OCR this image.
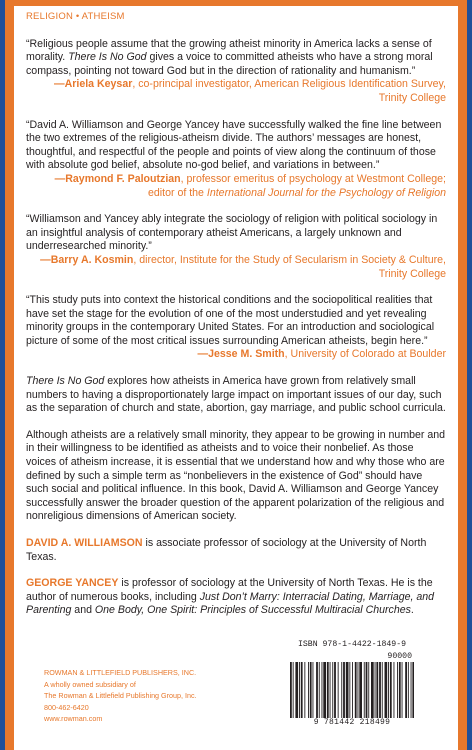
RELIGION • ATHEISM

“Religious people assume that the growing atheist minority in America lacks a sense of morality. There Is No God gives a voice to committed atheists who have a strong moral compass, pointing not toward God but in the direction of rationality and humanism.”

—Ariela Keysar, co-principal investigator, American Religious Identification Survey, Trinity College

“David A. Williamson and George Yancey have successfully walked the fine line between the two extremes of the religious-atheism divide. The authors’ messages are honest, thoughtful, and respectful of the people and points of view along the continuum of those with absolute god belief, absolute no-god belief, and variations in between.”

—Raymond F. Paloutzian, professor emeritus of psychology at Westmont College; editor of the International Journal for the Psychology of Religion

“Williamson and Yancey ably integrate the sociology of religion with political sociology in an insightful analysis of contemporary atheist Americans, a largely unknown and underresearched minority.”

—Barry A. Kosmin, director, Institute for the Study of Secularism in Society & Culture, Trinity College

“This study puts into context the historical conditions and the sociopolitical realities that have set the stage for the evolution of one of the most understudied and yet revealing minority groups in the contemporary United States. For an introduction and sociological picture of some of the most critical issues surrounding American atheists, begin here.”

—Jesse M. Smith, University of Colorado at Boulder

There Is No God explores how atheists in America have grown from relatively small numbers to having a disproportionately large impact on important issues of our day, such as the separation of church and state, abortion, gay marriage, and public school curricula.

Although atheists are a relatively small minority, they appear to be growing in number and in their willingness to be identified as atheists and to voice their nonbelief. As those voices of atheism increase, it is essential that we understand how and why those who are defined by such a simple term as “nonbelievers in the existence of God” should have such social and political influence. In this book, David A. Williamson and George Yancey successfully answer the broader question of the apparent polarization of the religious and nonreligious dimensions of American society.

DAVID A. WILLIAMSON is associate professor of sociology at the University of North Texas.

GEORGE YANCEY is professor of sociology at the University of North Texas. He is the author of numerous books, including Just Don’t Marry: Interracial Dating, Marriage, and Parenting and One Body, One Spirit: Principles of Successful Multiracial Churches.

ROWMAN & LITTLEFIELD PUBLISHERS, INC.
A wholly owned subsidiary of
The Rowman & Littlefield Publishing Group, Inc.
800-462-6420
www.rowman.com
ISBN 978-1-4422-1849-9
90000
9 781442 218499
